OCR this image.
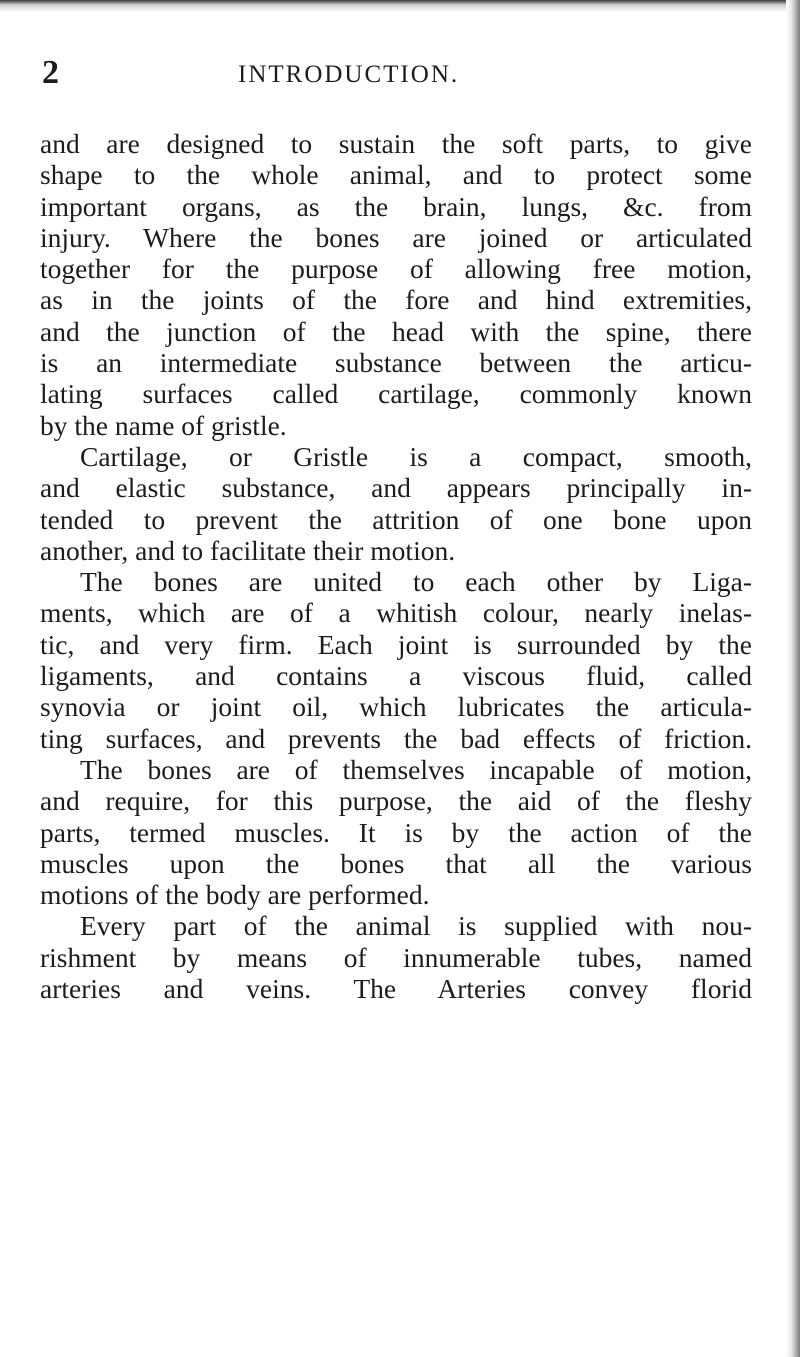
2	INTRODUCTION.
and are designed to sustain the soft parts, to give
shape to the whole animal, and to protect some
important organs, as the brain, lungs, &c. from
injury. Where the bones are joined or articulated
together for the purpose of allowing free motion,
as in the joints of the fore and hind extremities,
and the junction of the head with the spine, there
is an intermediate substance between the articu-
lating surfaces called cartilage, commonly known
by the name of gristle.
Cartilage, or Gristle is a compact, smooth,
and elastic substance, and appears principally in-
tended to prevent the attrition of one bone upon
another, and to facilitate their motion.
The bones are united to each other by Liga-
ments, which are of a whitish colour, nearly inelas-
tic, and very firm. Each joint is surrounded by the
ligaments, and contains a viscous fluid, called
synovia or joint oil, which lubricates the articula-
ting surfaces, and prevents the bad effects of friction.
The bones are of themselves incapable of motion,
and require, for this purpose, the aid of the fleshy
parts, termed muscles. It is by the action of the
muscles upon the bones that all the various
motions of the body are performed.
Every part of the animal is supplied with nou-
rishment by means of innumerable tubes, named
arteries and veins. The Arteries convey florid
